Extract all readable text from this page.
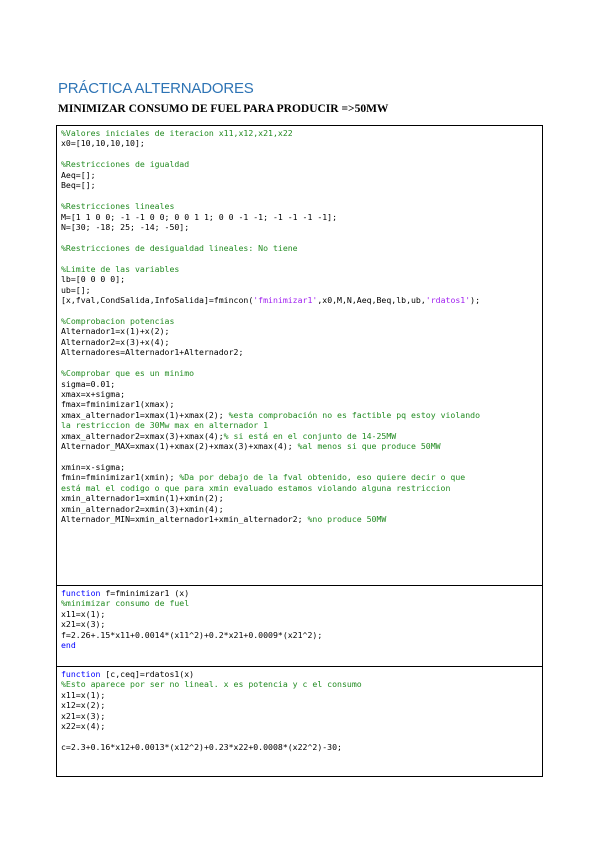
PRÁCTICA ALTERNADORES
MINIMIZAR CONSUMO DE FUEL PARA PRODUCIR =>50MW
%Valores iniciales de iteracion x11,x12,x21,x22
x0=[10,10,10,10];

%Restricciones de igualdad
Aeq=[];
Beq=[];

%Restricciones lineales
M=[1 1 0 0; -1 -1 0 0; 0 0 1 1; 0 0 -1 -1; -1 -1 -1 -1];
N=[30; -18; 25; -14; -50];

%Restricciones de desigualdad lineales: No tiene

%Limite de las variables
lb=[0 0 0 0];
ub=[];
[x,fval,CondSalida,InfoSalida]=fmincon('fminimizar1',x0,M,N,Aeq,Beq,lb,ub,'rdatos1');

%Comprobacion potencias
Alternador1=x(1)+x(2);
Alternador2=x(3)+x(4);
Alternadores=Alternador1+Alternador2;

%Comprobar que es un minimo
sigma=0.01;
xmax=x+sigma;
fmax=fminimizar1(xmax);
xmax_alternador1=xmax(1)+xmax(2); %esta comprobación no es factible pq estoy violando
la restriccion de 30Mw max en alternador 1
xmax_alternador2=xmax(3)+xmax(4);% si está en el conjunto de 14-25MW
Alternador_MAX=xmax(1)+xmax(2)+xmax(3)+xmax(4); %al menos si que produce 50MW

xmin=x-sigma;
fmin=fminimizar1(xmin); %Da por debajo de la fval obtenido, eso quiere decir o que
está mal el codigo o que para xmin evaluado estamos violando alguna restriccion
xmin_alternador1=xmin(1)+xmin(2);
xmin_alternador2=xmin(3)+xmin(4);
Alternador_MIN=xmin_alternador1+xmin_alternador2; %no produce 50MW
function f=fminimizar1 (x)
%minimizar consumo de fuel
x11=x(1);
x21=x(3);
f=2.26+.15*x11+0.0014*(x11^2)+0.2*x21+0.0009*(x21^2);
end
function [c,ceq]=rdatos1(x)
%Esto aparece por ser no lineal. x es potencia y c el consumo
x11=x(1);
x12=x(2);
x21=x(3);
x22=x(4);

c=2.3+0.16*x12+0.0013*(x12^2)+0.23*x22+0.0008*(x22^2)-30;
